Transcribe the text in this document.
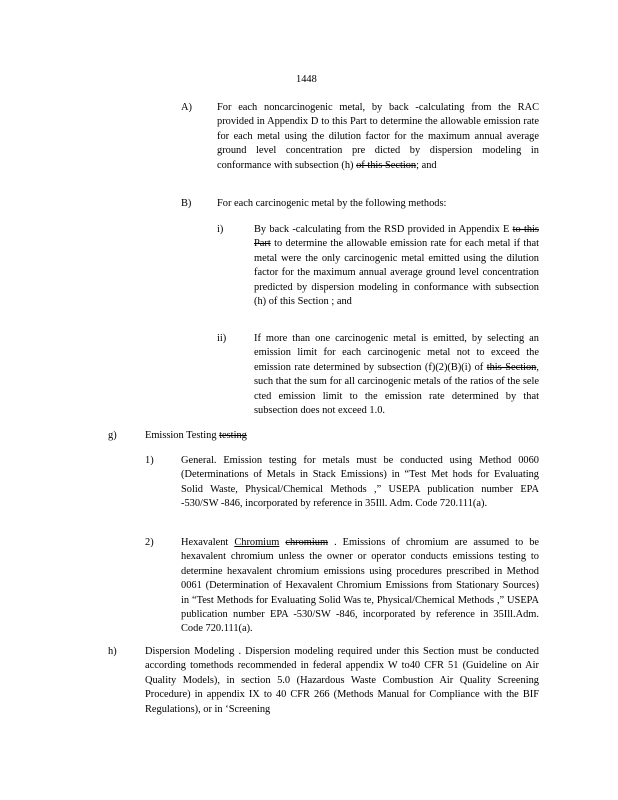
1448
A) For each noncarcinogenic metal, by back -calculating from the RAC provided in Appendix D to this Part to determine the allowable emission rate for each metal using the dilution factor for the maximum annual average ground level concentration pre dicted by dispersion modeling in conformance with subsection (h) of this Section; and
B) For each carcinogenic metal by the following methods:
i)	By back -calculating from the RSD provided in Appendix E to this Part to determine the allowable emission rate for each metal if that metal were the only carcinogenic metal emitted using the dilution factor for the maximum annual average ground level concentration predicted by dispersion modeling in conformance with subsection (h) of this Section ; and
ii)	If more than one carcinogenic metal is emitted, by selecting an emission limit for each carcinogenic metal not to exceed the emission rate determined by subsection (f)(2)(B)(i) of this Section, such that the sum for all carcinogenic metals of the ratios of the sele cted emission limit to the emission rate determined by that subsection does not exceed 1.0.
g)	Emission Testing testing
1)	General. Emission testing for metals must be conducted using Method 0060 (Determinations of Metals in Stack Emissions) in “Test Met hods for Evaluating Solid Waste, Physical/Chemical Methods ,” USEPA publication number EPA -530/SW -846, incorporated by reference in 35Ill. Adm. Code 720.111(a).
2)	Hexavalent Chromium chromium . Emissions of chromium are assumed to be hexavalent chromium unless the owner or operator conducts emissions testing to determine hexavalent chromium emissions using procedures prescribed in Method 0061 (Determination of Hexavalent Chromium Emissions from Stationary Sources) in “Test Methods for Evaluating Solid Was te, Physical/Chemical Methods ,” USEPA publication number EPA -530/SW -846, incorporated by reference in 35Ill.Adm. Code 720.111(a).
h)	Dispersion Modeling . Dispersion modeling required under this Section must be conducted according tomethods recommended in federal appendix W to40 CFR 51 (Guideline on Air Quality Models), in section 5.0 (Hazardous Waste Combustion Air Quality Screening Procedure) in appendix IX to 40 CFR 266 (Methods Manual for Compliance with the BIF Regulations), or in ‘Screening
